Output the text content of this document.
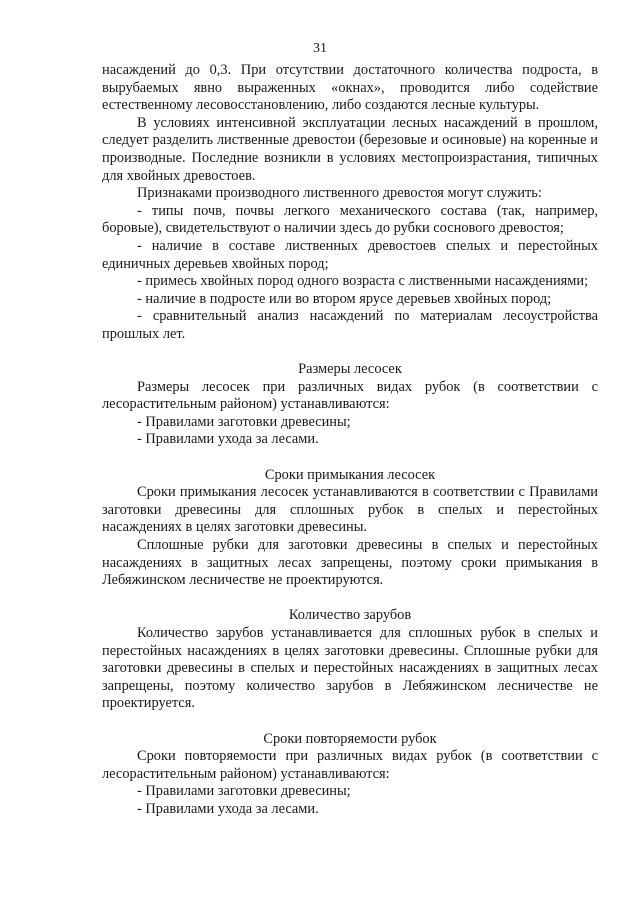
31

насаждений до 0,3. При отсутствии достаточного количества подроста, в вырубаемых явно выраженных «окнах», проводится либо содействие естественному лесовосстановлению, либо создаются лесные культуры.

В условиях интенсивной эксплуатации лесных насаждений в прошлом, следует разделить лиственные древостои (березовые и осиновые) на коренные и производные. Последние возникли в условиях местопроизрастания, типичных для хвойных древостоев.

Признаками производного лиственного древостоя могут служить:

- типы почв, почвы легкого механического состава (так, например, боровые), свидетельствуют о наличии здесь до рубки соснового древостоя;

- наличие в составе лиственных древостоев спелых и перестойных единичных деревьев хвойных пород;

- примесь хвойных пород одного возраста с лиственными насаждениями;

- наличие в подросте или во втором ярусе деревьев хвойных пород;

- сравнительный анализ насаждений по материалам лесоустройства прошлых лет.

Размеры лесосек

Размеры лесосек при различных видах рубок (в соответствии с лесорастительным районом) устанавливаются:

- Правилами заготовки древесины;

- Правилами ухода за лесами.

Сроки примыкания лесосек

Сроки примыкания лесосек устанавливаются в соответствии с Правилами заготовки древесины для сплошных рубок в спелых и перестойных насаждениях в целях заготовки древесины.

Сплошные рубки для заготовки древесины в спелых и перестойных насаждениях в защитных лесах запрещены, поэтому сроки примыкания в Лебяжинском лесничестве не проектируются.

Количество зарубов

Количество зарубов устанавливается для сплошных рубок в спелых и перестойных насаждениях в целях заготовки древесины. Сплошные рубки для заготовки древесины в спелых и перестойных насаждениях в защитных лесах запрещены, поэтому количество зарубов в Лебяжинском лесничестве не проектируется.

Сроки повторяемости рубок

Сроки повторяемости при различных видах рубок (в соответствии с лесорастительным районом) устанавливаются:

- Правилами заготовки древесины;

- Правилами ухода за лесами.
